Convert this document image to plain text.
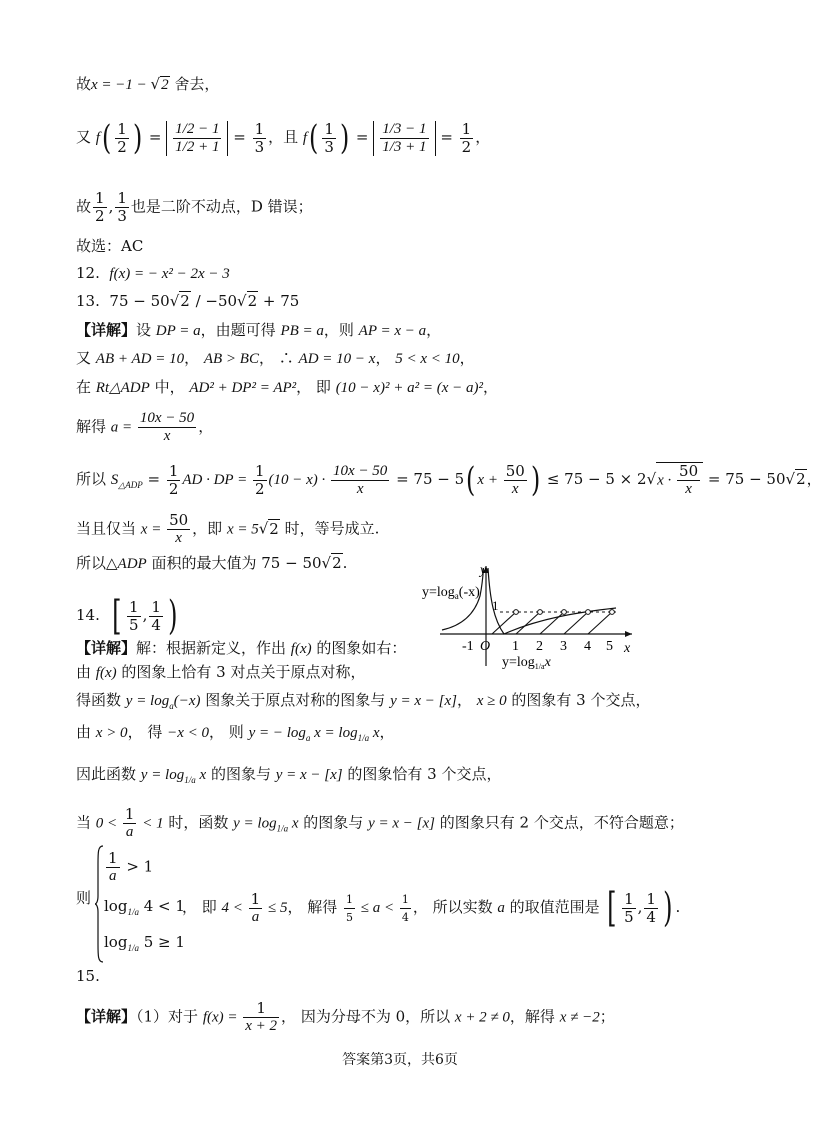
故x = −1 − √2 舍去，
又 $f( \frac{1}{2}$ ) = $\frac{1/2 - 1}{1/2 + 1} = \frac{1}{3}$ ，且 $f( \frac{1}{3}$ ) = $\frac{1/3 - 1}{1/3 + 1} = \frac{1}{2}$ ，
故 $\frac{1}{2}$ , $\frac{1}{3}$ 也是二阶不动点，D 错误；
故选：AC
12. f(x) = − x² − 2x − 3
13. 75 − 50√2 / −50√2 + 75
【详解】设 DP = a，由题可得 PB = a，则 AP = x − a，
又 AB + AD = 10， AB > BC， ∴ AD = 10 − x， 5 < x < 10，
在 Rt△ADP 中， AD² + DP² = AP²， 即 (10 − x)² + a² = (x − a)²，
解得 $a = \frac{10x - 50}{x}$ ，
所以 $S_{\triangle ADP} = \frac{1}{2}$ AD · DP = $\frac{1}{2} (10 - x) \cdot \frac{10x - 50}{x} = 75 - 5$( $x + \frac{50}{x}$ ) ≤ $75 - 5 \times 2√x \cdot \frac{50}{x} = 75 - 50√2$，
当且仅当 $x = \frac{50}{x}$ ，即 x = 5√2 时，等号成立.
所以△ADP 面积的最大值为 75 − 50√2.
14. [ $\frac{1}{5}$ , $\frac{1}{4}$ )
【详解】解：根据新定义，作出 f(x) 的图象如右：
由 f(x) 的图象上恰有 3 对点关于原点对称，
得函数 $y = \log_a(-x)$ 图象关于原点对称的图象与 y = x − [x]， x ≥ 0 的图象有 3 个交点，
由 x > 0， 得 −x < 0， 则 y = − $\log_a x = \log_{1/a} x$，
因此函数 $y = \log_{1/a} x$ 的图象与 y = x − [x] 的图象恰有 3 个交点，
当 $0 < \frac{1}{a} < 1$ 时，函数 $y = \log_{1/a} x$ 的图象与 y = x − [x] 的图象只有 2 个交点，不符合题意；
$\frac{1}{a} > 1$
$\log_{1/a} 4 < 1$
$\log_{1/a} 5 \ge 1$
则	， 即 $4 < \frac{1}{a} \le 5$， 解得 $\frac{1}{5} \le a < \frac{1}{4}$ ， 所以实数 a 的取值范围是 [ $\frac{1}{5}$ , $\frac{1}{4}$ ) .
15.
【详解】（1）对于 $f(x) = \frac{1}{x + 2}$ ， 因为分母不为 0，所以 x + 2 ≠ 0，解得 x ≠ −2；
$y=\log_a(-x)$
y
x
1
-1 O 1 2 3 4 5
$y=\log_{1/a}x$
答案第3页，共6页
